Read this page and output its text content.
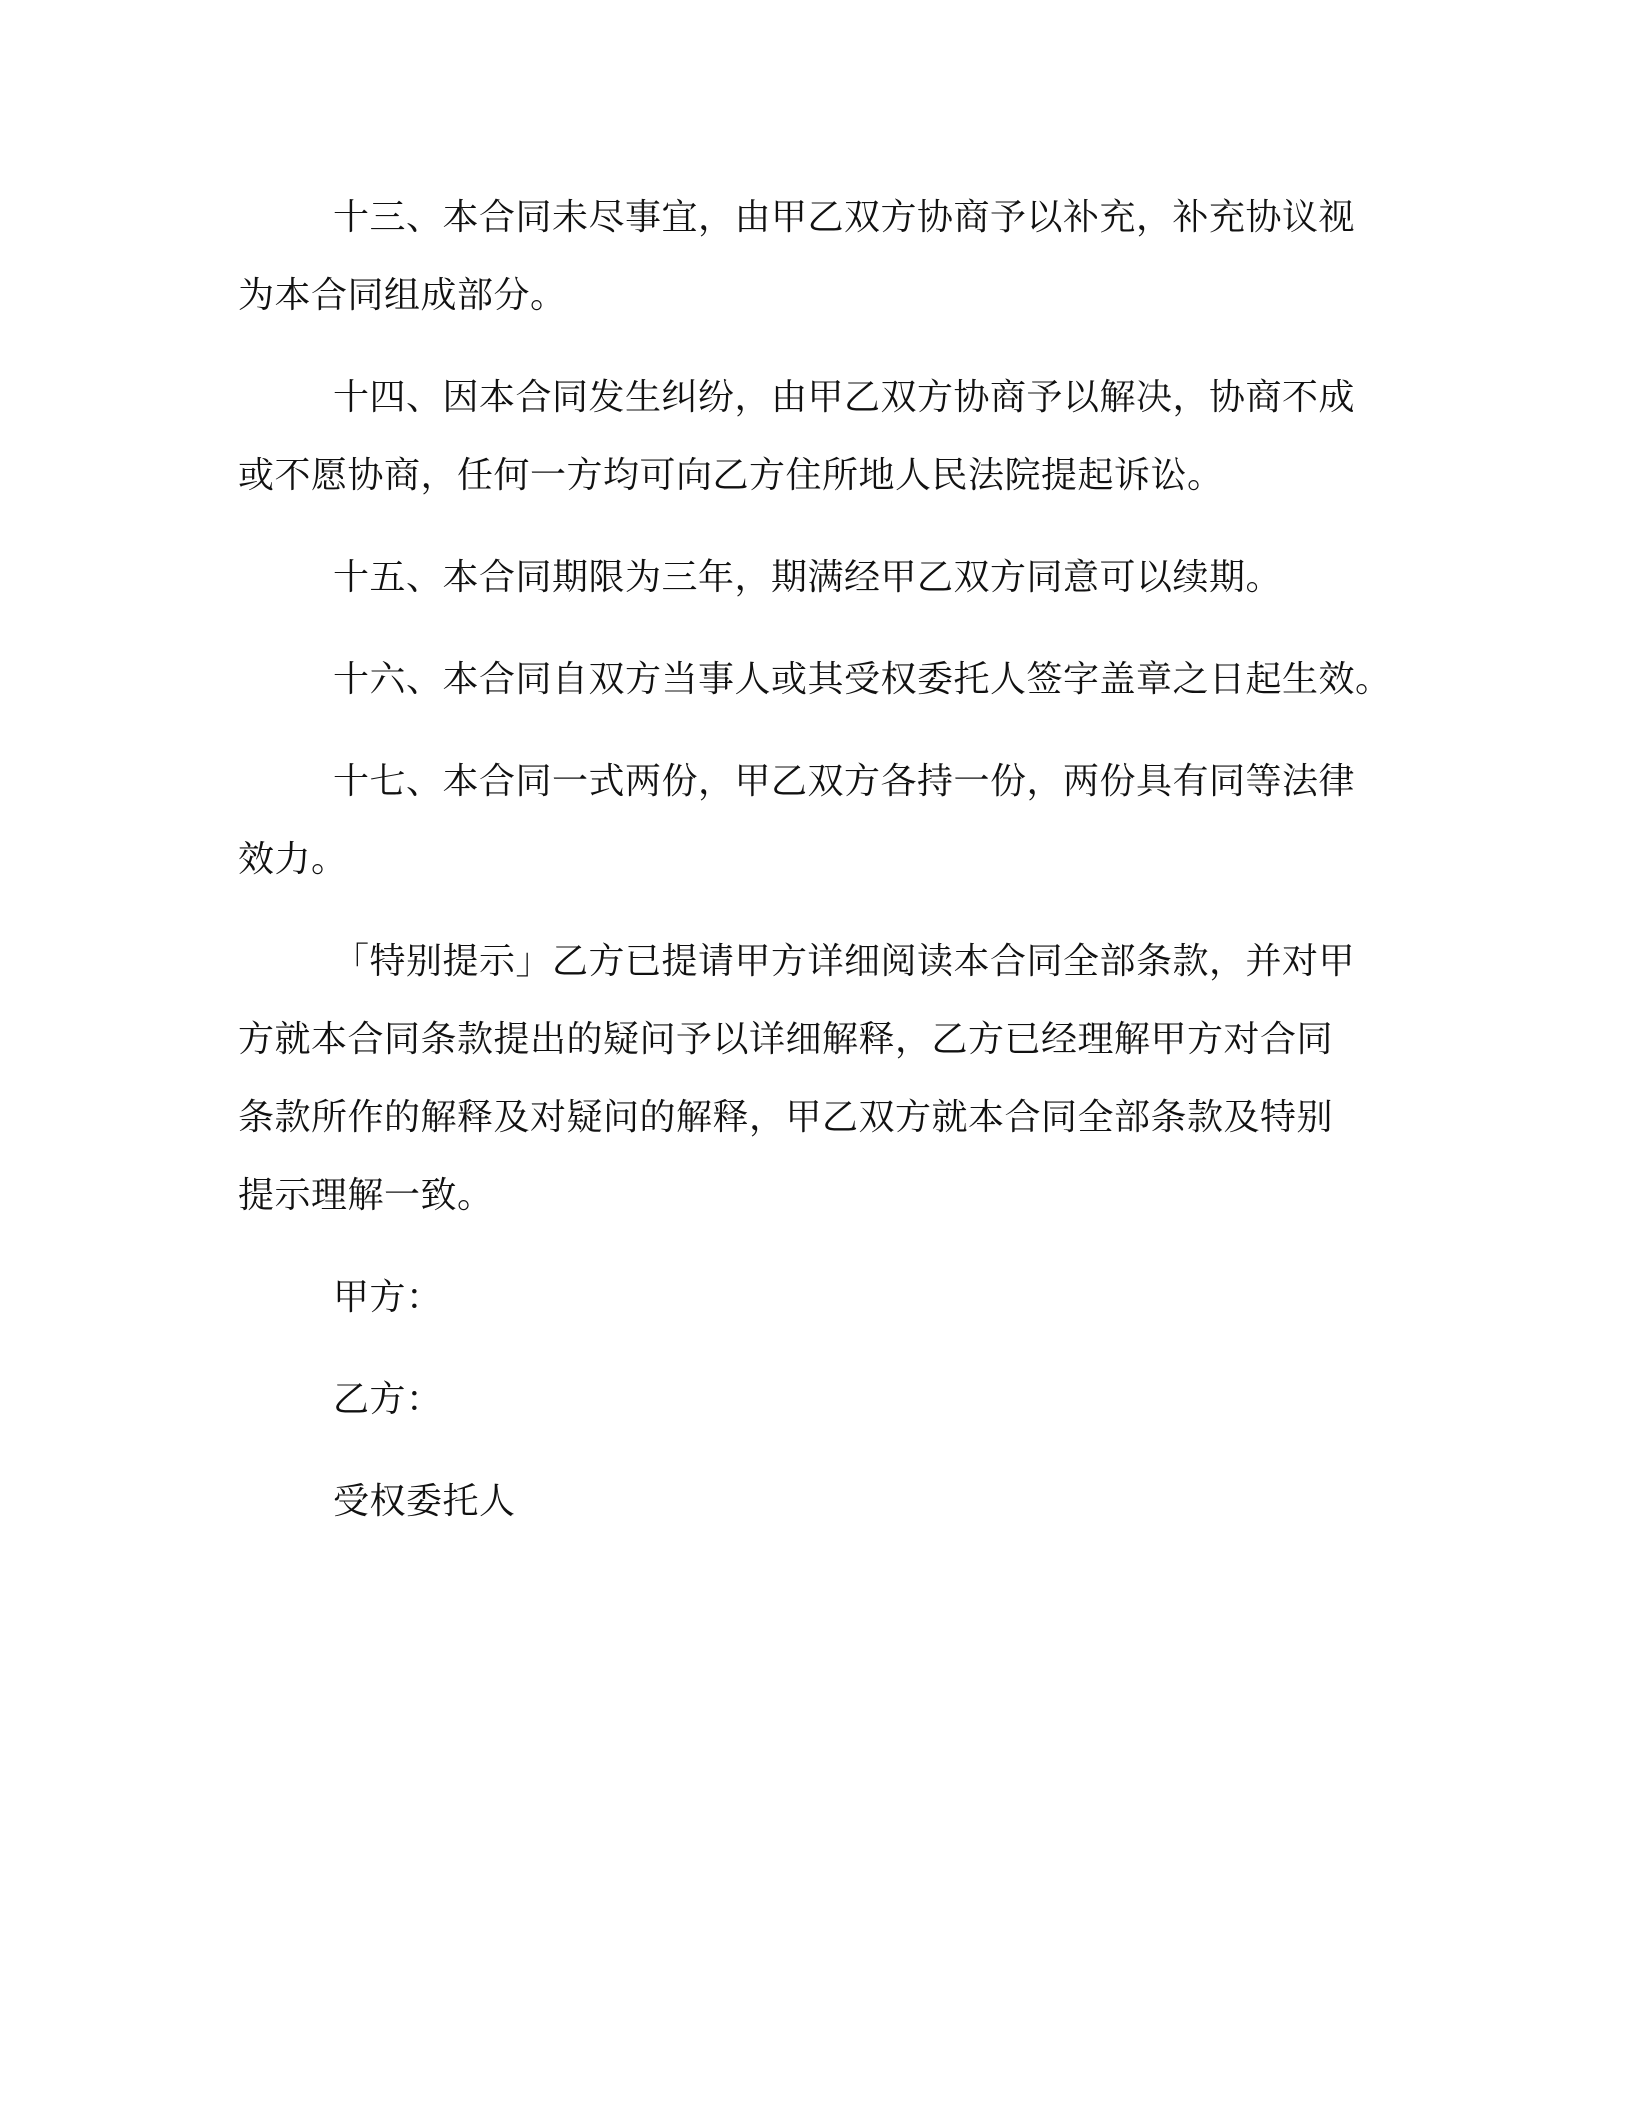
十三、本合同未尽事宜，由甲乙双方协商予以补充，补充协议视
为本合同组成部分。
十四、因本合同发生纠纷，由甲乙双方协商予以解决，协商不成
或不愿协商，任何一方均可向乙方住所地人民法院提起诉讼。
十五、本合同期限为三年，期满经甲乙双方同意可以续期。
十六、本合同自双方当事人或其受权委托人签字盖章之日起生效。
十七、本合同一式两份，甲乙双方各持一份，两份具有同等法律
效力。
「特别提示」乙方已提请甲方详细阅读本合同全部条款，并对甲
方就本合同条款提出的疑问予以详细解释，乙方已经理解甲方对合同
条款所作的解释及对疑问的解释，甲乙双方就本合同全部条款及特别
提示理解一致。
甲方：
乙方：
受权委托人
